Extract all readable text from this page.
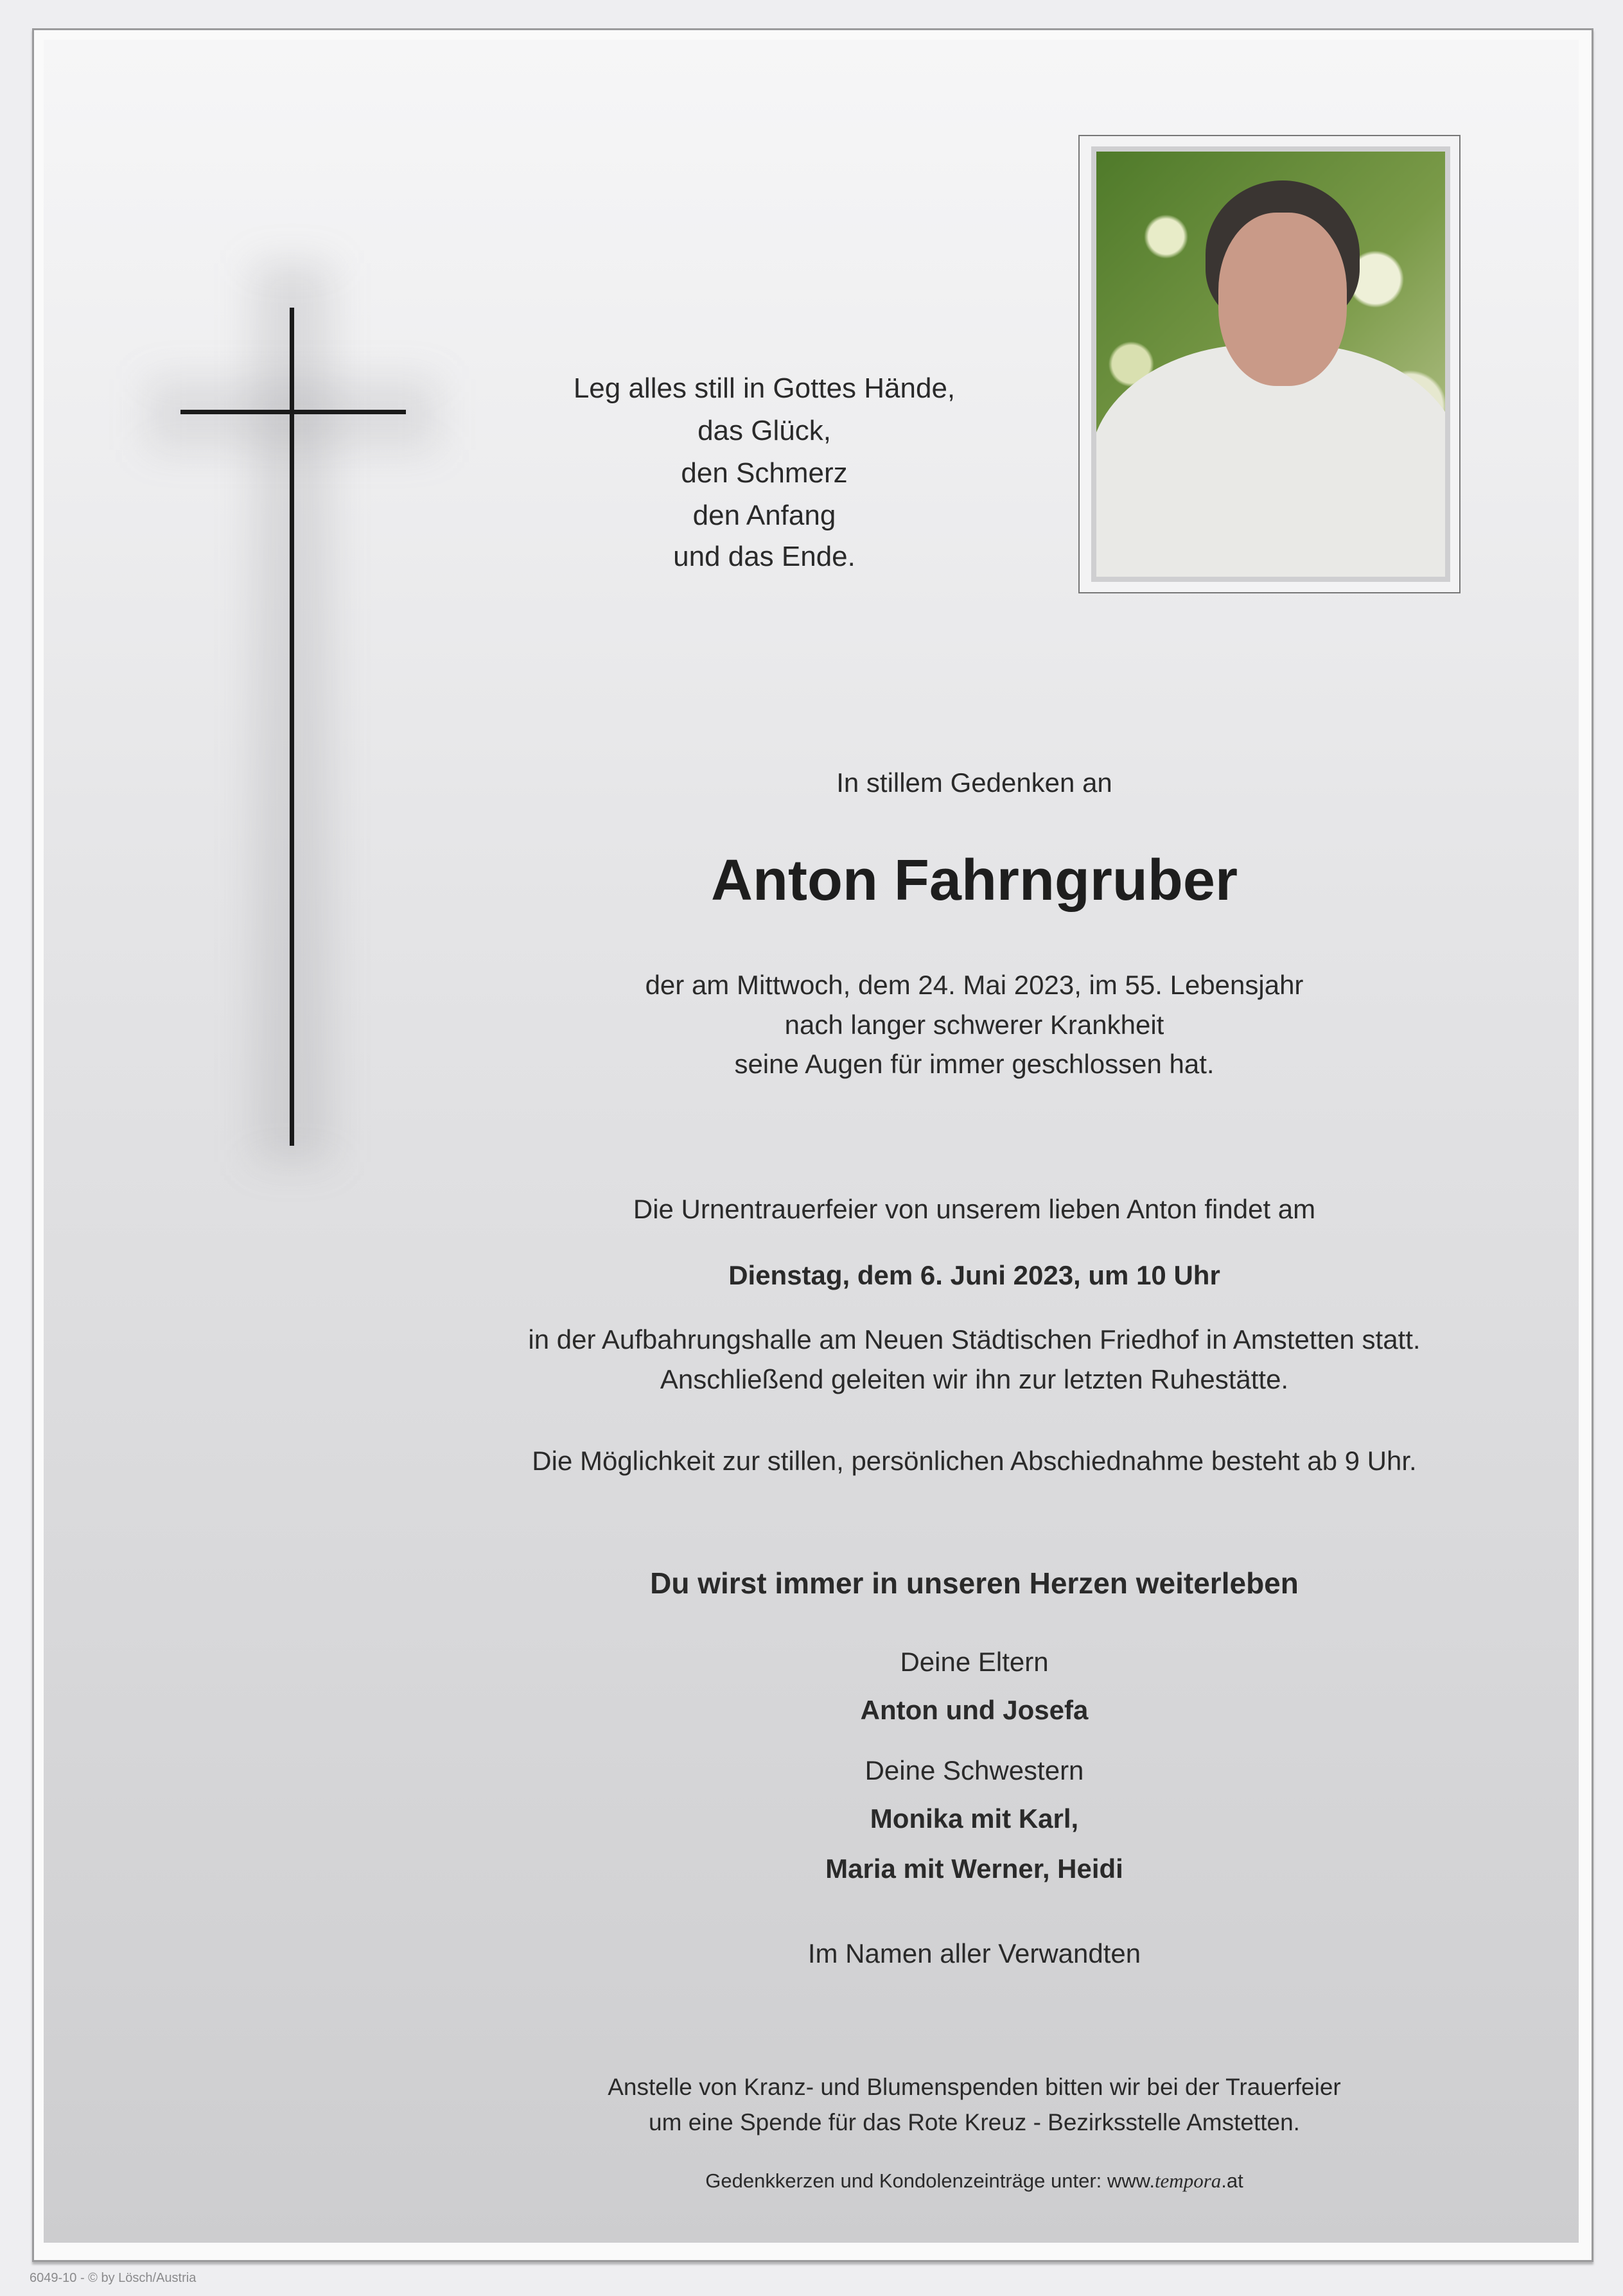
Leg alles still in Gottes Hände,
das Glück,
den Schmerz
den Anfang
und das Ende.
In stillem Gedenken an
Anton Fahrngruber
der am Mittwoch, dem 24. Mai 2023, im 55. Lebensjahr
nach langer schwerer Krankheit
seine Augen für immer geschlossen hat.
Die Urnentrauerfeier von unserem lieben Anton findet am
Dienstag, dem 6. Juni 2023, um 10 Uhr
in der Aufbahrungshalle am Neuen Städtischen Friedhof in Amstetten statt.
Anschließend geleiten wir ihn zur letzten Ruhestätte.
Die Möglichkeit zur stillen, persönlichen Abschiednahme besteht ab 9 Uhr.
Du wirst immer in unseren Herzen weiterleben
Deine Eltern
Anton und Josefa
Deine Schwestern
Monika mit Karl,
Maria mit Werner, Heidi
Im Namen aller Verwandten
Anstelle von Kranz- und Blumenspenden bitten wir bei der Trauerfeier
um eine Spende für das Rote Kreuz - Bezirksstelle Amstetten.
Gedenkkerzen und Kondolenzeinträge unter: www.tempora.at
6049-10 - © by Lösch/Austria
